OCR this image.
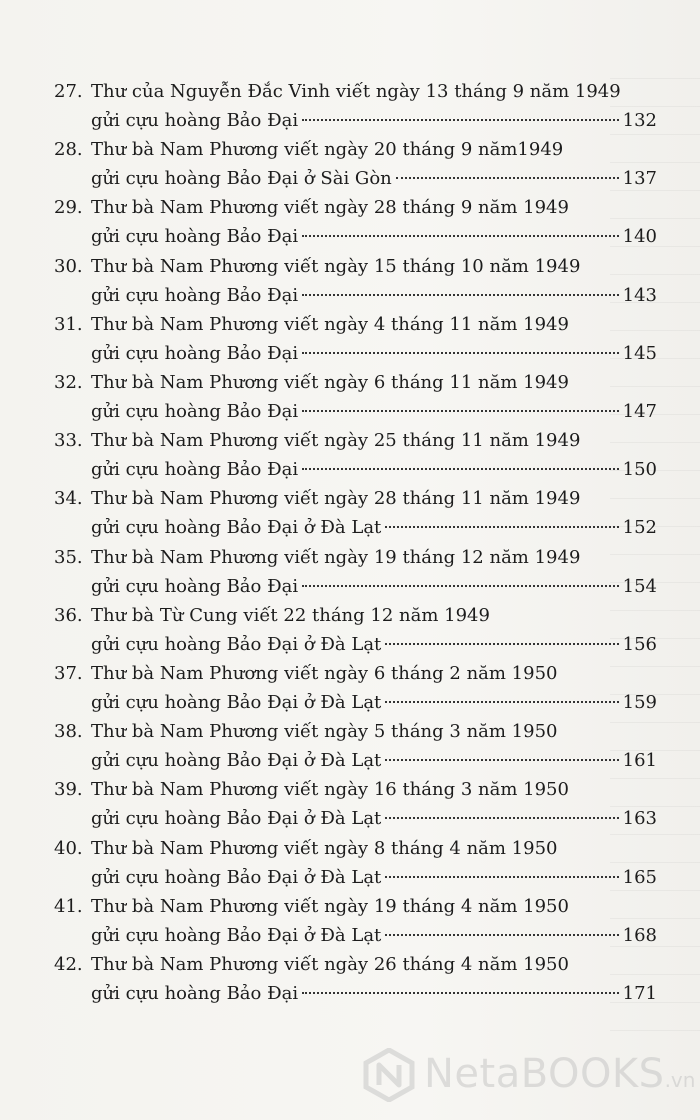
27. Thư của Nguyễn Đắc Vinh viết ngày 13 tháng 9 năm 1949
gửi cựu hoàng Bảo Đại	132
28. Thư bà Nam Phương viết ngày 20 tháng 9 năm1949
gửi cựu hoàng Bảo Đại ở Sài Gòn	137
29. Thư bà Nam Phương viết ngày 28 tháng 9 năm 1949
gửi cựu hoàng Bảo Đại	140
30. Thư bà Nam Phương viết ngày 15 tháng 10 năm 1949
gửi cựu hoàng Bảo Đại	143
31. Thư bà Nam Phương viết ngày 4 tháng 11 năm 1949
gửi cựu hoàng Bảo Đại	145
32. Thư bà Nam Phương viết ngày 6 tháng 11 năm 1949
gửi cựu hoàng Bảo Đại	147
33. Thư bà Nam Phương viết ngày 25 tháng 11 năm 1949
gửi cựu hoàng Bảo Đại	150
34. Thư bà Nam Phương viết ngày 28 tháng 11 năm 1949
gửi cựu hoàng Bảo Đại ở Đà Lạt	152
35. Thư bà Nam Phương viết ngày 19 tháng 12 năm 1949
gửi cựu hoàng Bảo Đại	154
36. Thư bà Từ Cung viết 22 tháng 12 năm 1949
gửi cựu hoàng Bảo Đại ở Đà Lạt	156
37. Thư bà Nam Phương viết ngày 6 tháng 2 năm 1950
gửi cựu hoàng Bảo Đại ở Đà Lạt	159
38. Thư bà Nam Phương viết ngày 5 tháng 3 năm 1950
gửi cựu hoàng Bảo Đại ở Đà Lạt	161
39. Thư bà Nam Phương viết ngày 16 tháng 3 năm 1950
gửi cựu hoàng Bảo Đại ở Đà Lạt	163
40. Thư bà Nam Phương viết ngày 8 tháng 4 năm 1950
gửi cựu hoàng Bảo Đại ở Đà Lạt	165
41. Thư bà Nam Phương viết ngày 19 tháng 4 năm 1950
gửi cựu hoàng Bảo Đại ở Đà Lạt	168
42. Thư bà Nam Phương viết ngày 26 tháng 4 năm 1950
gửi cựu hoàng Bảo Đại	171
NetaBOOKS.vn
